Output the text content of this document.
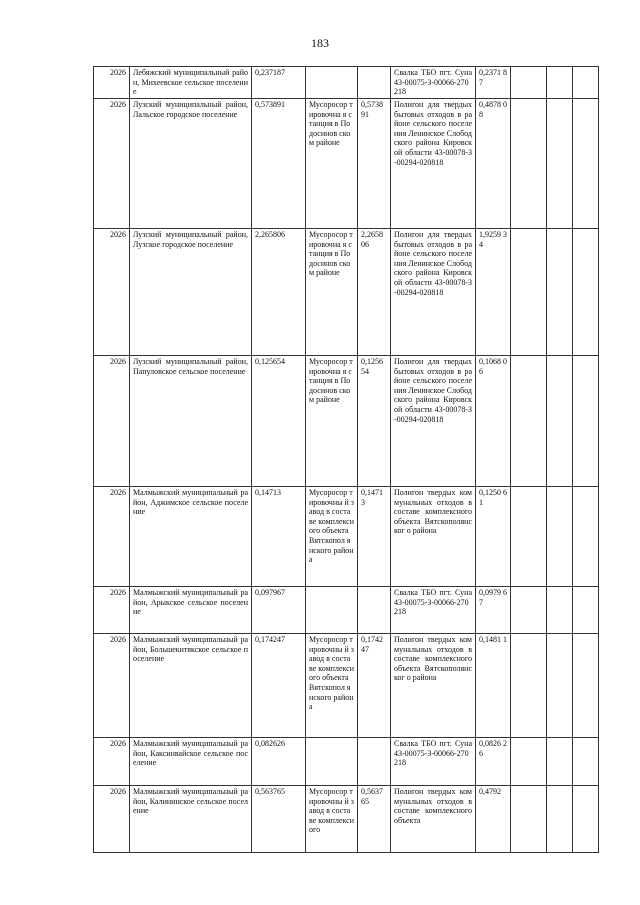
183
2026	Лебяжский муниципальный район, Михеевское сельское поселение	0,237187			Свалка ТБО пгт. Суна 43-00075-З-00066-270218	0,2371 87			
2026	Лузский муниципальный район, Лальское городское поселение	0,573891	Мусоросор тировочна я станция в Подосинов ском районе	0,5738 91	Полигон для твердых бытовых отходов в районе сельского поселения Ленинское Слободского района Кировской области 43-00078-З-00294-020818	0,4878 08			
2026	Лузский муниципальный район, Лузское городское поселение	2,265806	Мусоросор тировочна я станция в Подосинов ском районе	2,2658 06	Полигон для твердых бытовых отходов в районе сельского поселения Ленинское Слободского района Кировской области 43-00078-З-00294-020818	1,9259 34			
2026	Лузский муниципальный район, Папуловское сельское поселение	0,125654	Мусоросор тировочна я станция в Подосинов ском районе	0,1256 54	Полигон для твердых бытовых отходов в районе сельского поселения Ленинское Слободского района Кировской области 43-00078-З-00294-020818	0,1068 06			
2026	Малмыжский муниципальный район, Аджимское сельское поселение	0,14713	Мусоросор тировочны й завод в составе комплекси ого объекта Вятскопол янского района	0,1471 3	Полигон твердых коммунальных отходов в составе комплексного объекта Вятскополянског о района	0,1250 61			
2026	Малмыжский муниципальный район, Арыкское сельское поселение	0,097967			Свалка ТБО пгт. Суна 43-00075-З-00066-270218	0,0979 67			
2026	Малмыжский муниципальный район, Большекитякское сельское поселение	0,174247	Мусоросор тировочны й завод в составе комплекси ого объекта Вятскопол янского района	0,1742 47	Полигон твердых коммунальных отходов в составе комплексного объекта Вятскополянског о района	0,1481 1			
2026	Малмыжский муниципальный район, Каксинвайское сельское поселение	0,082626			Свалка ТБО пгт. Суна 43-00075-З-00066-270218	0,0826 26			
2026	Малмыжский муниципальный район, Калининское сельское поселение	0,563765	Мусоросор тировочны й завод в составе комплекси ого	0,5637 65	Полигон твердых коммунальных отходов в составе комплексного объекта	0,4792			
